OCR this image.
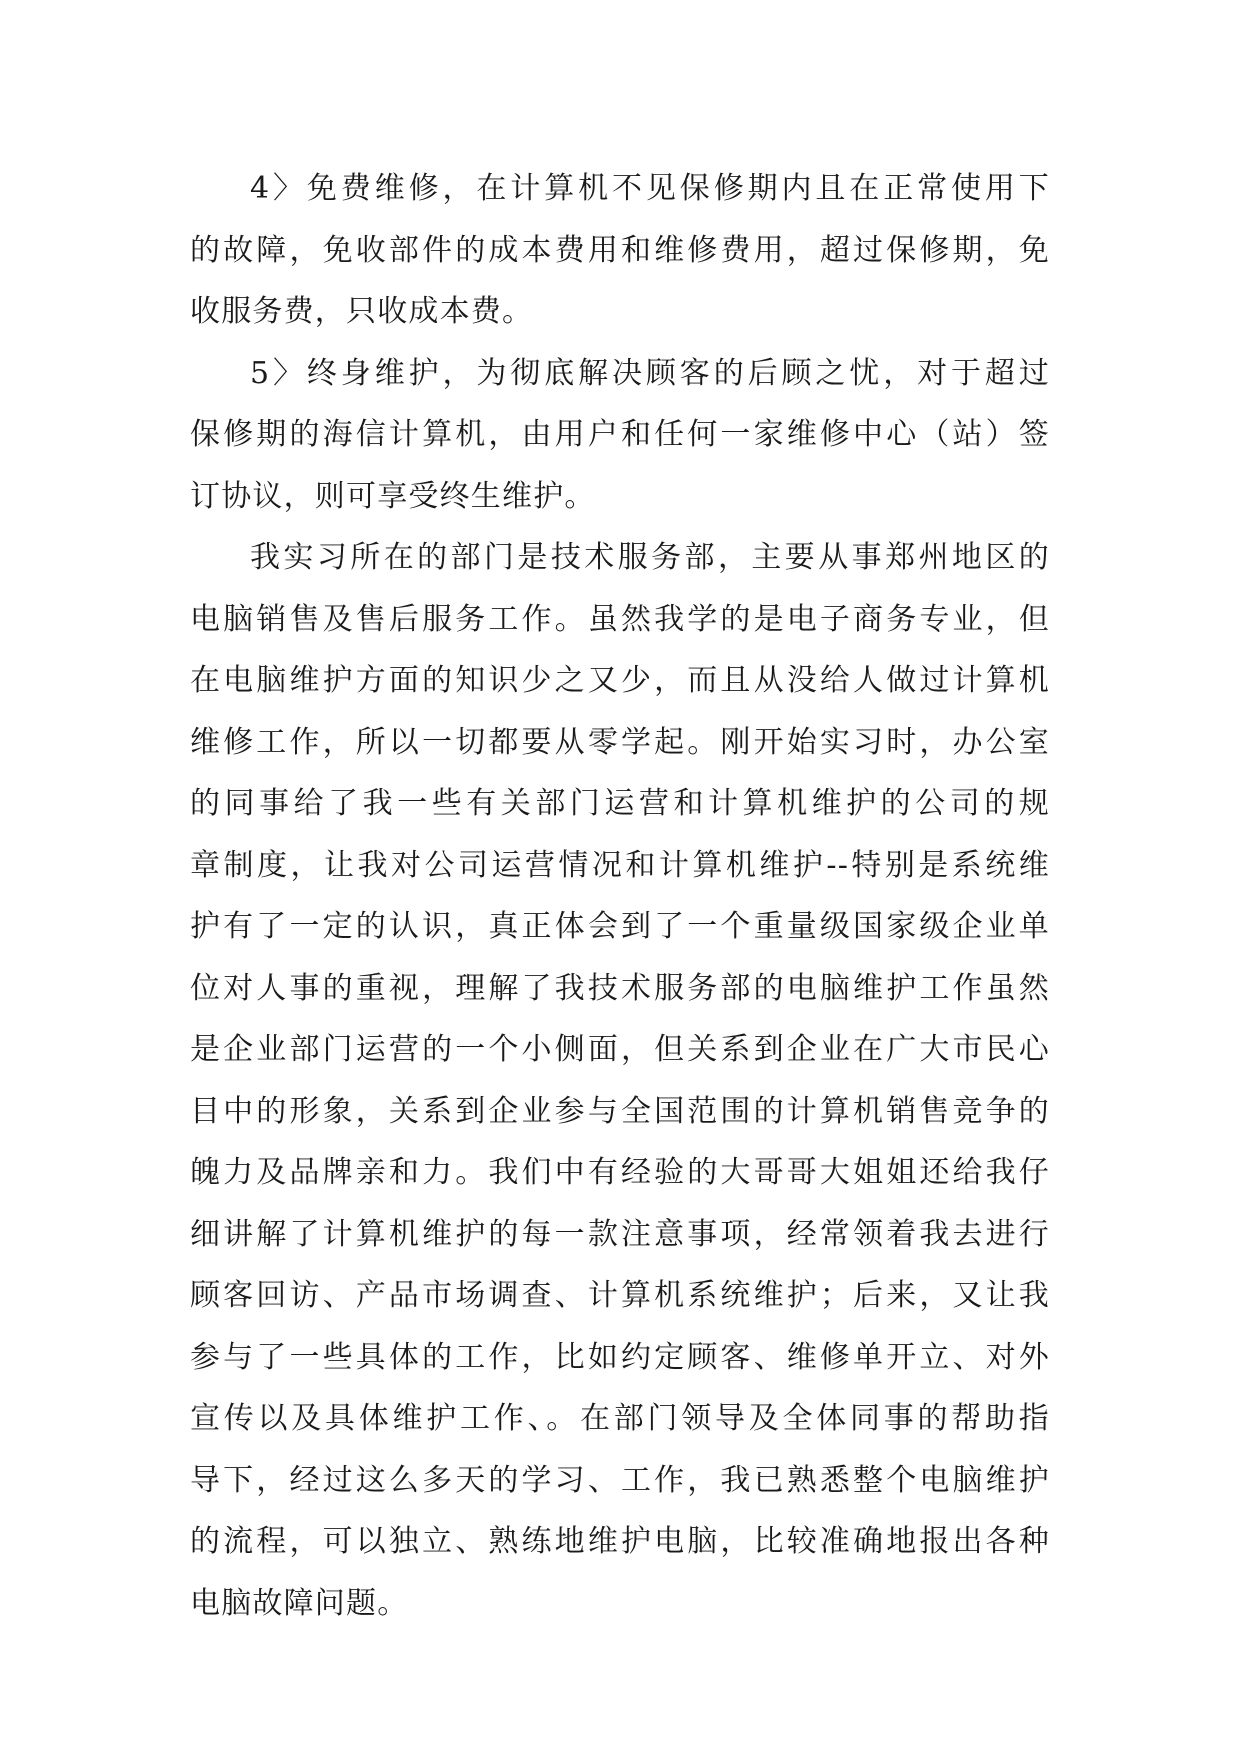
4〉免费维修，在计算机不见保修期内且在正常使用下
的故障，免收部件的成本费用和维修费用，超过保修期，免
收服务费，只收成本费。

5〉终身维护，为彻底解决顾客的后顾之忧，对于超过
保修期的海信计算机，由用户和任何一家维修中心（站）签
订协议，则可享受终生维护。

我实习所在的部门是技术服务部，主要从事郑州地区的
电脑销售及售后服务工作。虽然我学的是电子商务专业，但
在电脑维护方面的知识少之又少，而且从没给人做过计算机
维修工作，所以一切都要从零学起。刚开始实习时，办公室
的同事给了我一些有关部门运营和计算机维护的公司的规
章制度，让我对公司运营情况和计算机维护--特别是系统维
护有了一定的认识，真正体会到了一个重量级国家级企业单
位对人事的重视，理解了我技术服务部的电脑维护工作虽然
是企业部门运营的一个小侧面，但关系到企业在广大市民心
目中的形象，关系到企业参与全国范围的计算机销售竞争的
魄力及品牌亲和力。我们中有经验的大哥哥大姐姐还给我仔
细讲解了计算机维护的每一款注意事项，经常领着我去进行
顾客回访、产品市场调查、计算机系统维护；后来，又让我
参与了一些具体的工作，比如约定顾客、维修单开立、对外
宣传以及具体维护工作、。在部门领导及全体同事的帮助指
导下，经过这么多天的学习、工作，我已熟悉整个电脑维护
的流程，可以独立、熟练地维护电脑，比较准确地报出各种
电脑故障问题。
